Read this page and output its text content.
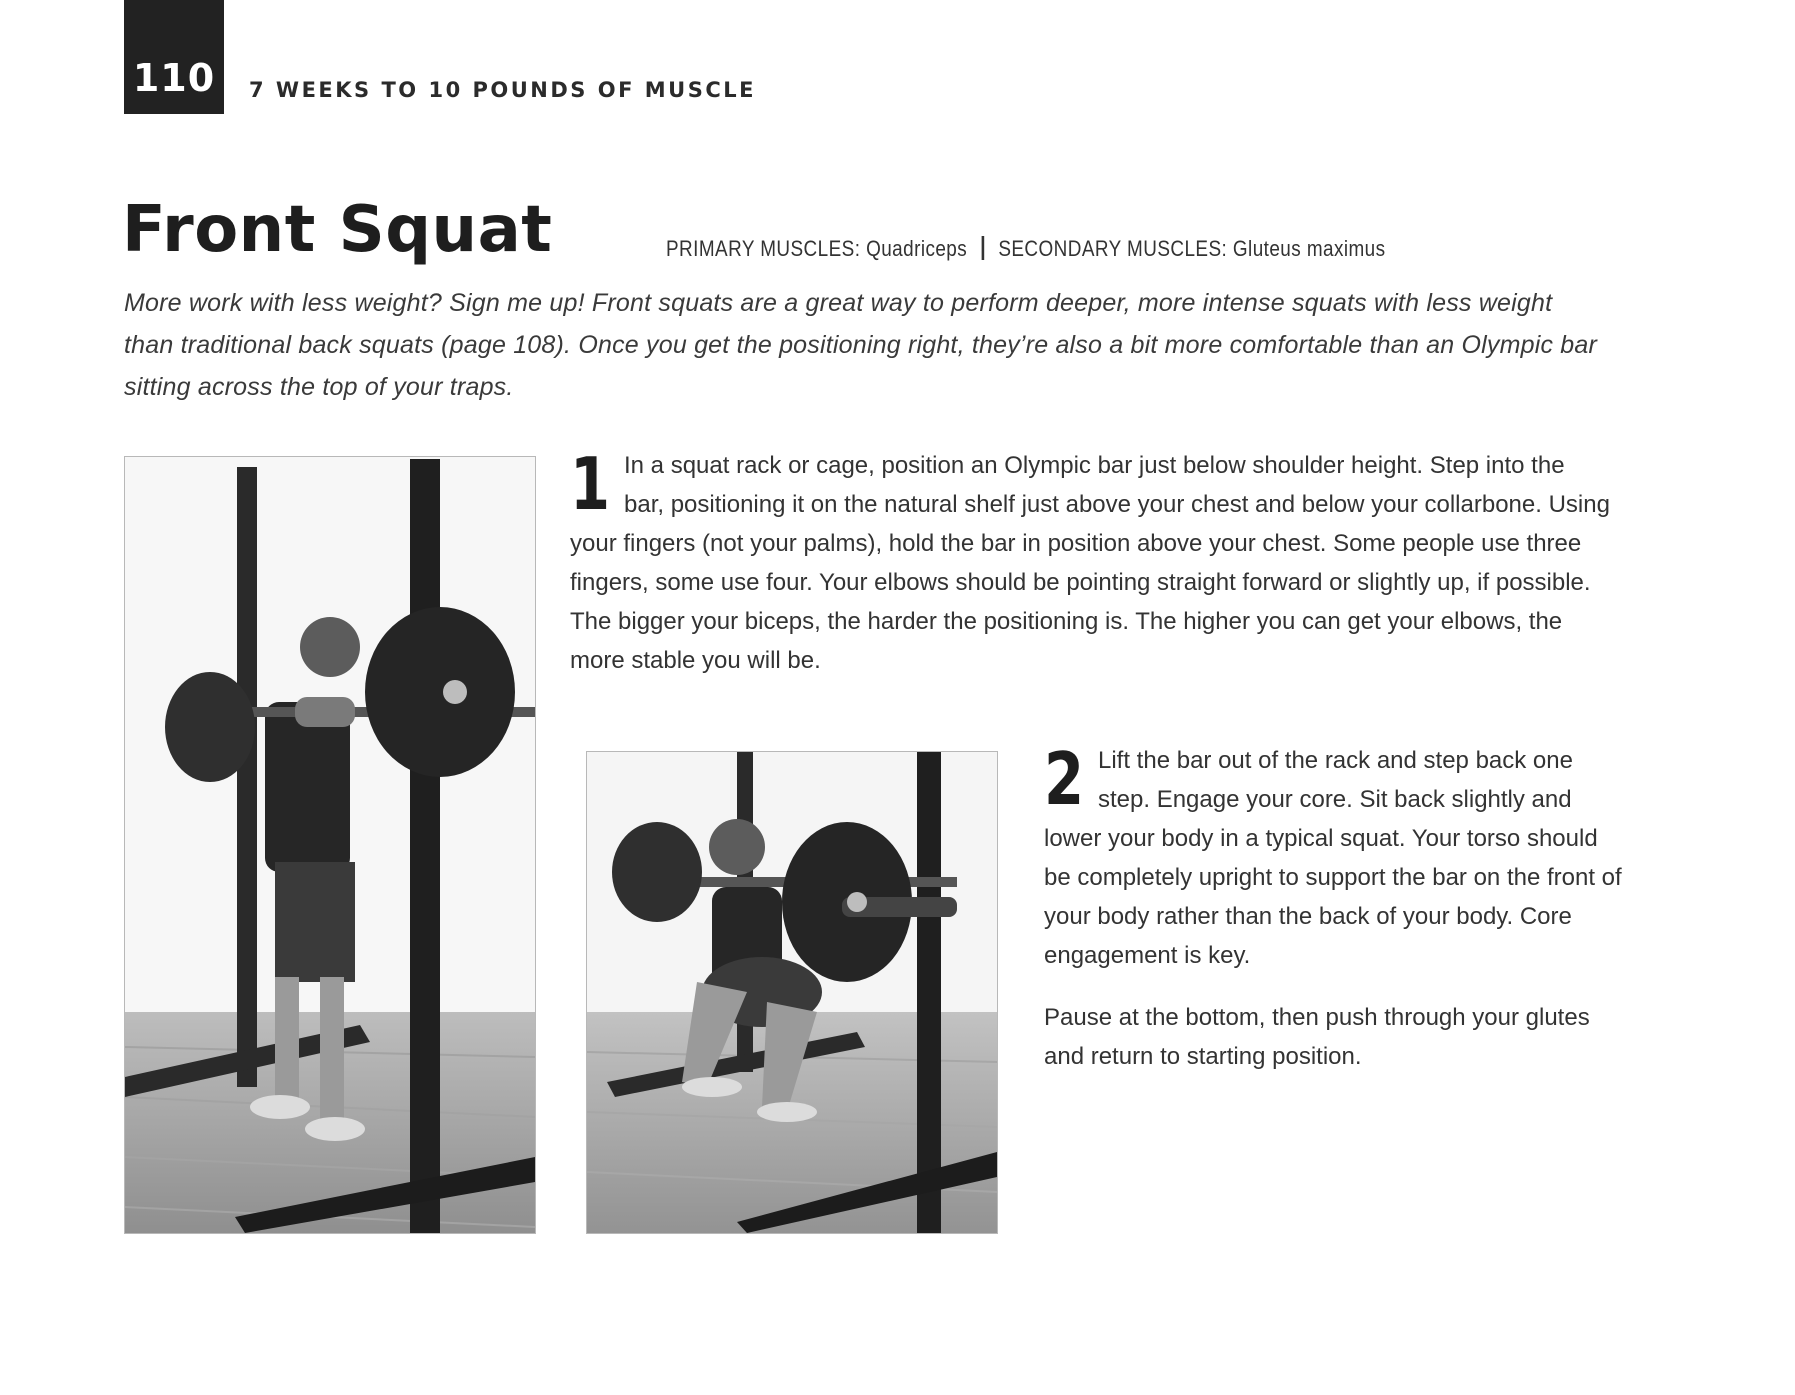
110 7 WEEKS TO 10 POUNDS OF MUSCLE
Front Squat	PRIMARY MUSCLES: Quadriceps SECONDARY MUSCLES: Gluteus maximus
More work with less weight? Sign me up! Front squats are a great way to perform deeper, more intense squats with less weight than traditional back squats (page 108). Once you get the positioning right, they’re also a bit more comfortable than an Olympic bar sitting across the top of your traps.
1 In a squat rack or cage, position an Olympic bar just below shoulder height. Step into the bar, positioning it on the natural shelf just above your chest and below your collarbone. Using your fingers (not your palms), hold the bar in position above your chest. Some people use three fingers, some use four. Your elbows should be pointing straight forward or slightly up, if possible. The bigger your biceps, the harder the positioning is. The higher you can get your elbows, the more stable you will be.
2 Lift the bar out of the rack and step back one step. Engage your core. Sit back slightly and lower your body in a typical squat. Your torso should be completely upright to support the bar on the front of your body rather than the back of your body. Core engagement is key.
Pause at the bottom, then push through your glutes and return to starting position.
